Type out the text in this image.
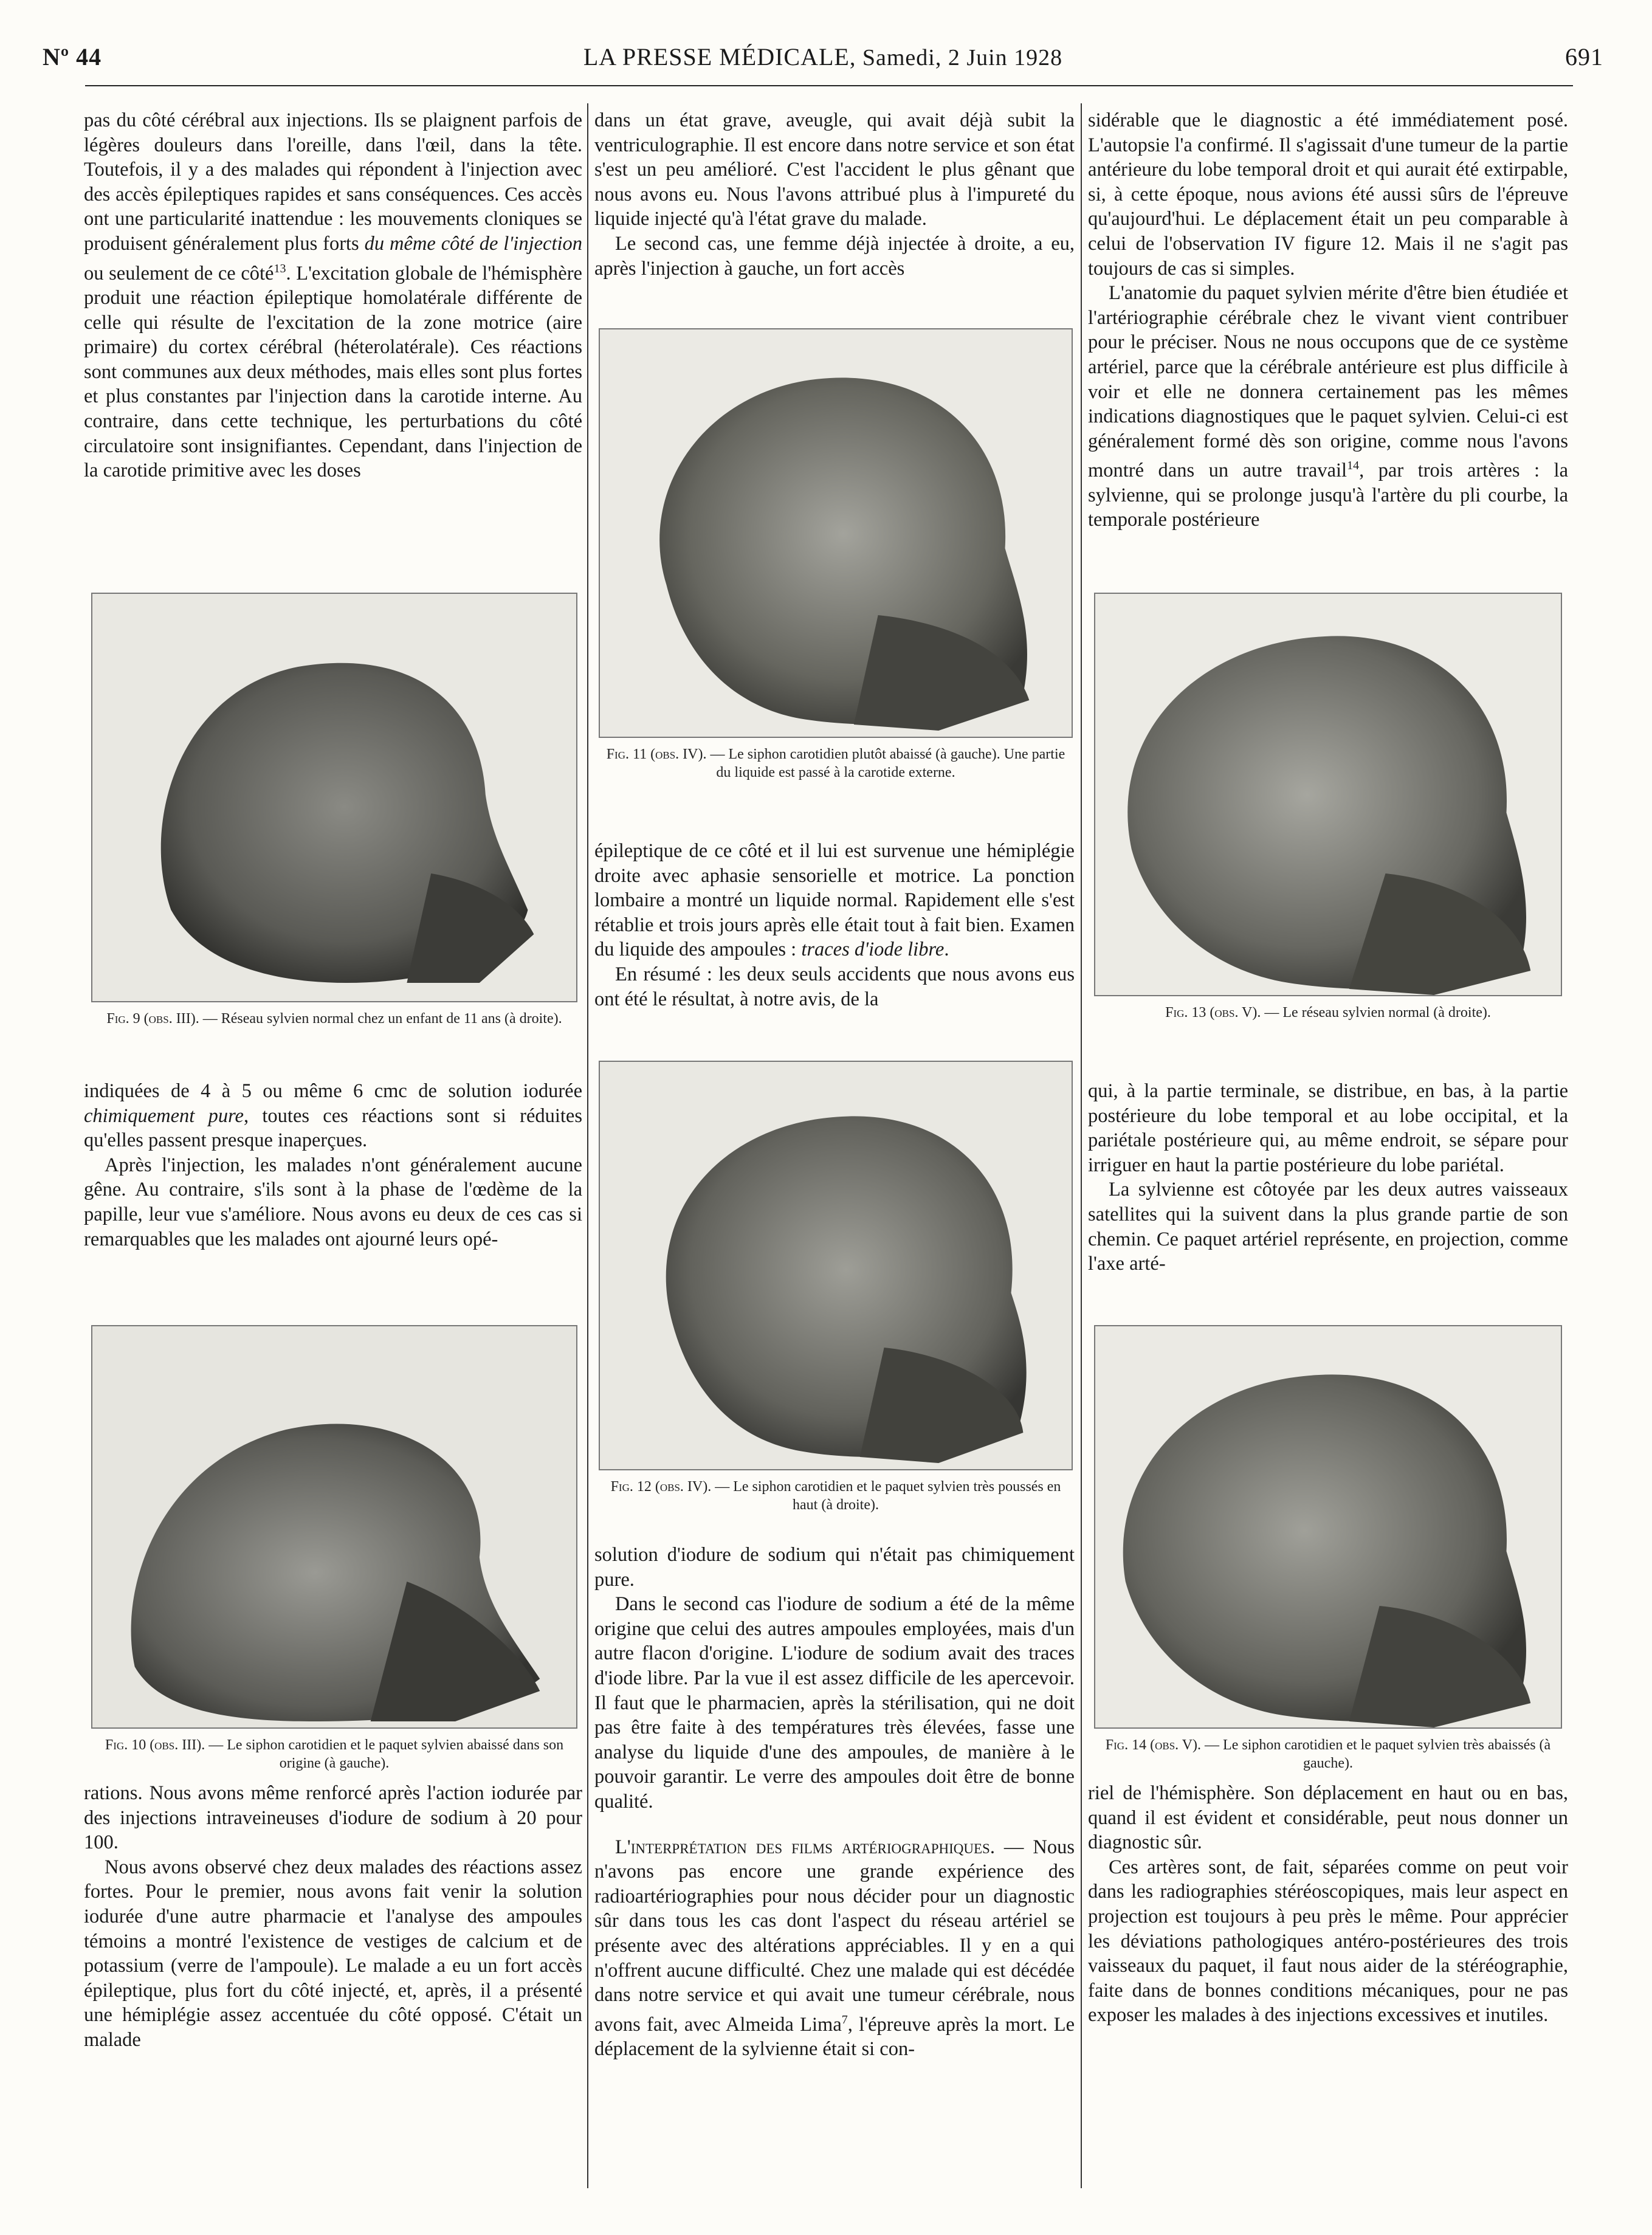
Nº 44	LA PRESSE MÉDICALE, Samedi, 2 Juin 1928	691

pas du côté cérébral aux injections. Ils se plaignent parfois de légères douleurs dans l'oreille, dans l'œil, dans la tête. Toutefois, il y a des malades qui répondent à l'injection avec des accès épileptiques rapides et sans conséquences. Ces accès ont une particularité inattendue : les mouvements cloniques se produisent généralement plus forts du même côté de l'injection ou seulement de ce côté$^{13}$. L'excitation globale de l'hémisphère produit une réaction épileptique homolatérale différente de celle qui résulte de l'excitation de la zone motrice (aire primaire) du cortex cérébral (héterolatérale). Ces réactions sont communes aux deux méthodes, mais elles sont plus fortes et plus constantes par l'injection dans la carotide interne. Au contraire, dans cette technique, les perturbations du côté circulatoire sont insignifiantes. Cependant, dans l'injection de la carotide primitive avec les doses

Fig. 9 (obs. III). — Réseau sylvien normal chez un enfant de 11 ans (à droite).

indiquées de 4 à 5 ou même 6 cmc de solution iodurée chimiquement pure, toutes ces réactions sont si réduites qu'elles passent presque inaperçues.

Après l'injection, les malades n'ont généralement aucune gêne. Au contraire, s'ils sont à la phase de l'œdème de la papille, leur vue s'améliore. Nous avons eu deux de ces cas si remarquables que les malades ont ajourné leurs opé-

Fig. 10 (obs. III). — Le siphon carotidien et le paquet sylvien abaissé dans son origine (à gauche).

rations. Nous avons même renforcé après l'action iodurée par des injections intraveineuses d'iodure de sodium à 20 pour 100.

Nous avons observé chez deux malades des réactions assez fortes. Pour le premier, nous avons fait venir la solution iodurée d'une autre pharmacie et l'analyse des ampoules témoins a montré l'existence de vestiges de calcium et de potassium (verre de l'ampoule). Le malade a eu un fort accès épileptique, plus fort du côté injecté, et, après, il a présenté une hémiplégie assez accentuée du côté opposé. C'était un malade

dans un état grave, aveugle, qui avait déjà subit la ventriculographie. Il est encore dans notre service et son état s'est un peu amélioré. C'est l'accident le plus gênant que nous avons eu. Nous l'avons attribué plus à l'impureté du liquide injecté qu'à l'état grave du malade.

Le second cas, une femme déjà injectée à droite, a eu, après l'injection à gauche, un fort accès

Fig. 11 (obs. IV). — Le siphon carotidien plutôt abaissé (à gauche). Une partie du liquide est passé à la carotide externe.

épileptique de ce côté et il lui est survenue une hémiplégie droite avec aphasie sensorielle et motrice. La ponction lombaire a montré un liquide normal. Rapidement elle s'est rétablie et trois jours après elle était tout à fait bien. Examen du liquide des ampoules : traces d'iode libre.

En résumé : les deux seuls accidents que nous avons eus ont été le résultat, à notre avis, de la

Fig. 12 (obs. IV). — Le siphon carotidien et le paquet sylvien très poussés en haut (à droite).

solution d'iodure de sodium qui n'était pas chimiquement pure.

Dans le second cas l'iodure de sodium a été de la même origine que celui des autres ampoules employées, mais d'un autre flacon d'origine. L'iodure de sodium avait des traces d'iode libre. Par la vue il est assez difficile de les apercevoir. Il faut que le pharmacien, après la stérilisation, qui ne doit pas être faite à des températures très élevées, fasse une analyse du liquide d'une des ampoules, de manière à le pouvoir garantir. Le verre des ampoules doit être de bonne qualité.

L'interprétation des films artériographiques. — Nous n'avons pas encore une grande expérience des radioartériographies pour nous décider pour un diagnostic sûr dans tous les cas dont l'aspect du réseau artériel se présente avec des altérations appréciables. Il y en a qui n'offrent aucune difficulté. Chez une malade qui est décédée dans notre service et qui avait une tumeur cérébrale, nous avons fait, avec Almeida Lima$^7$, l'épreuve après la mort. Le déplacement de la sylvienne était si con-

sidérable que le diagnostic a été immédiatement posé. L'autopsie l'a confirmé. Il s'agissait d'une tumeur de la partie antérieure du lobe temporal droit et qui aurait été extirpable, si, à cette époque, nous avions été aussi sûrs de l'épreuve qu'aujourd'hui. Le déplacement était un peu comparable à celui de l'observation IV figure 12. Mais il ne s'agit pas toujours de cas si simples.

L'anatomie du paquet sylvien mérite d'être bien étudiée et l'artériographie cérébrale chez le vivant vient contribuer pour le préciser. Nous ne nous occupons que de ce système artériel, parce que la cérébrale antérieure est plus difficile à voir et elle ne donnera certainement pas les mêmes indications diagnostiques que le paquet sylvien. Celui-ci est généralement formé dès son origine, comme nous l'avons montré dans un autre travail$^{14}$, par trois artères : la sylvienne, qui se prolonge jusqu'à l'artère du pli courbe, la temporale postérieure

Fig. 13 (obs. V). — Le réseau sylvien normal (à droite).

qui, à la partie terminale, se distribue, en bas, à la partie postérieure du lobe temporal et au lobe occipital, et la pariétale postérieure qui, au même endroit, se sépare pour irriguer en haut la partie postérieure du lobe pariétal.

La sylvienne est côtoyée par les deux autres vaisseaux satellites qui la suivent dans la plus grande partie de son chemin. Ce paquet artériel représente, en projection, comme l'axe arté-

Fig. 14 (obs. V). — Le siphon carotidien et le paquet sylvien très abaissés (à gauche).

riel de l'hémisphère. Son déplacement en haut ou en bas, quand il est évident et considérable, peut nous donner un diagnostic sûr.

Ces artères sont, de fait, séparées comme on peut voir dans les radiographies stéréoscopiques, mais leur aspect en projection est toujours à peu près le même. Pour apprécier les déviations pathologiques antéro-postérieures des trois vaisseaux du paquet, il faut nous aider de la stéréographie, faite dans de bonnes conditions mécaniques, pour ne pas exposer les malades à des injections excessives et inutiles.
